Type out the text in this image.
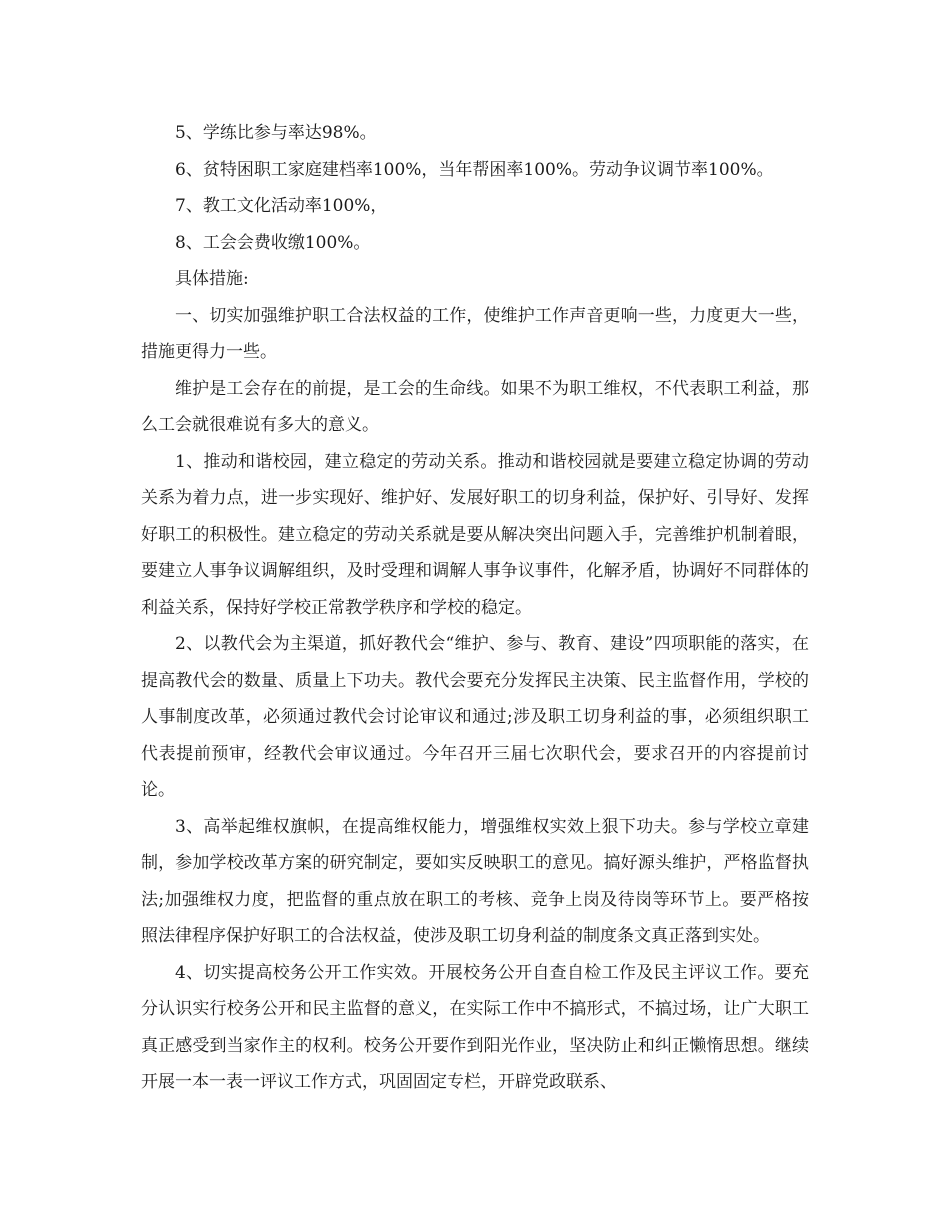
5、学练比参与率达98%。

6、贫特困职工家庭建档率100%，当年帮困率100%。劳动争议调节率100%。

7、教工文化活动率100%，

8、工会会费收缴100%。

具体措施:

一、切实加强维护职工合法权益的工作，使维护工作声音更响一些，力度更大一些，措施更得力一些。

维护是工会存在的前提，是工会的生命线。如果不为职工维权，不代表职工利益，那么工会就很难说有多大的意义。

1、推动和谐校园，建立稳定的劳动关系。推动和谐校园就是要建立稳定协调的劳动关系为着力点，进一步实现好、维护好、发展好职工的切身利益，保护好、引导好、发挥好职工的积极性。建立稳定的劳动关系就是要从解决突出问题入手，完善维护机制着眼，要建立人事争议调解组织，及时受理和调解人事争议事件，化解矛盾，协调好不同群体的利益关系，保持好学校正常教学秩序和学校的稳定。

2、以教代会为主渠道，抓好教代会“维护、参与、教育、建设”四项职能的落实，在提高教代会的数量、质量上下功夫。教代会要充分发挥民主决策、民主监督作用，学校的人事制度改革，必须通过教代会讨论审议和通过;涉及职工切身利益的事，必须组织职工代表提前预审，经教代会审议通过。今年召开三届七次职代会，要求召开的内容提前讨论。

3、高举起维权旗帜，在提高维权能力，增强维权实效上狠下功夫。参与学校立章建制，参加学校改革方案的研究制定，要如实反映职工的意见。搞好源头维护，严格监督执法;加强维权力度，把监督的重点放在职工的考核、竞争上岗及待岗等环节上。要严格按照法律程序保护好职工的合法权益，使涉及职工切身利益的制度条文真正落到实处。

4、切实提高校务公开工作实效。开展校务公开自查自检工作及民主评议工作。要充分认识实行校务公开和民主监督的意义，在实际工作中不搞形式，不搞过场，让广大职工真正感受到当家作主的权利。校务公开要作到阳光作业，坚决防止和纠正懒惰思想。继续开展一本一表一评议工作方式，巩固固定专栏，开辟党政联系、
